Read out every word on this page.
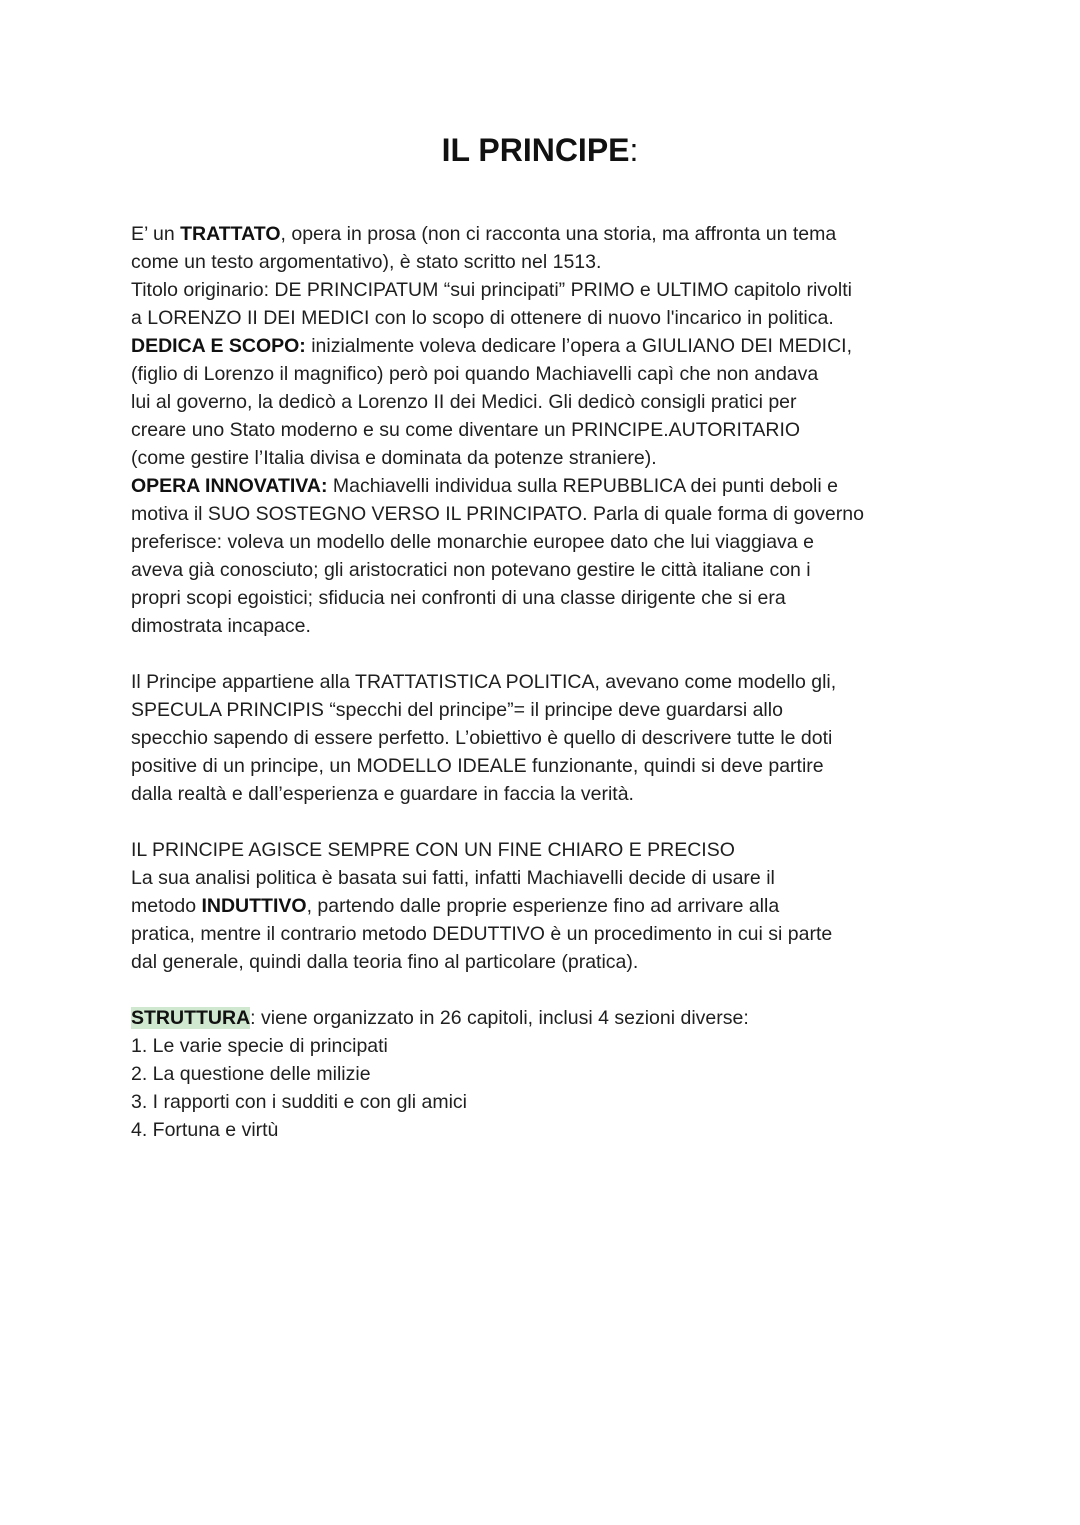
IL PRINCIPE:
E’ un TRATTATO, opera in prosa (non ci racconta una storia, ma affronta un tema
come un testo argomentativo), è stato scritto nel 1513.
Titolo originario: DE PRINCIPATUM “sui principati” PRIMO e ULTIMO capitolo rivolti
a LORENZO II DEI MEDICI con lo scopo di ottenere di nuovo l'incarico in politica.
DEDICA E SCOPO: inizialmente voleva dedicare l’opera a GIULIANO DEI MEDICI,
(figlio di Lorenzo il magnifico) però poi quando Machiavelli capì che non andava
lui al governo, la dedicò a Lorenzo II dei Medici. Gli dedicò consigli pratici per
creare uno Stato moderno e su come diventare un PRINCIPE.AUTORITARIO
(come gestire l’Italia divisa e dominata da potenze straniere).
OPERA INNOVATIVA: Machiavelli individua sulla REPUBBLICA dei punti deboli e
motiva il SUO SOSTEGNO VERSO IL PRINCIPATO. Parla di quale forma di governo
preferisce: voleva un modello delle monarchie europee dato che lui viaggiava e
aveva già conosciuto; gli aristocratici non potevano gestire le città italiane con i
propri scopi egoistici; sfiducia nei confronti di una classe dirigente che si era
dimostrata incapace.
Il Principe appartiene alla TRATTATISTICA POLITICA, avevano come modello gli,
SPECULA PRINCIPIS “specchi del principe”= il principe deve guardarsi allo
specchio sapendo di essere perfetto. L’obiettivo è quello di descrivere tutte le doti
positive di un principe, un MODELLO IDEALE funzionante, quindi si deve partire
dalla realtà e dall’esperienza e guardare in faccia la verità.
IL PRINCIPE AGISCE SEMPRE CON UN FINE CHIARO E PRECISO
La sua analisi politica è basata sui fatti, infatti Machiavelli decide di usare il
metodo INDUTTIVO, partendo dalle proprie esperienze fino ad arrivare alla
pratica, mentre il contrario metodo DEDUTTIVO è un procedimento in cui si parte
dal generale, quindi dalla teoria fino al particolare (pratica).
STRUTTURA: viene organizzato in 26 capitoli, inclusi 4 sezioni diverse:
1. Le varie specie di principati
2. La questione delle milizie
3. I rapporti con i sudditi e con gli amici
4. Fortuna e virtù
